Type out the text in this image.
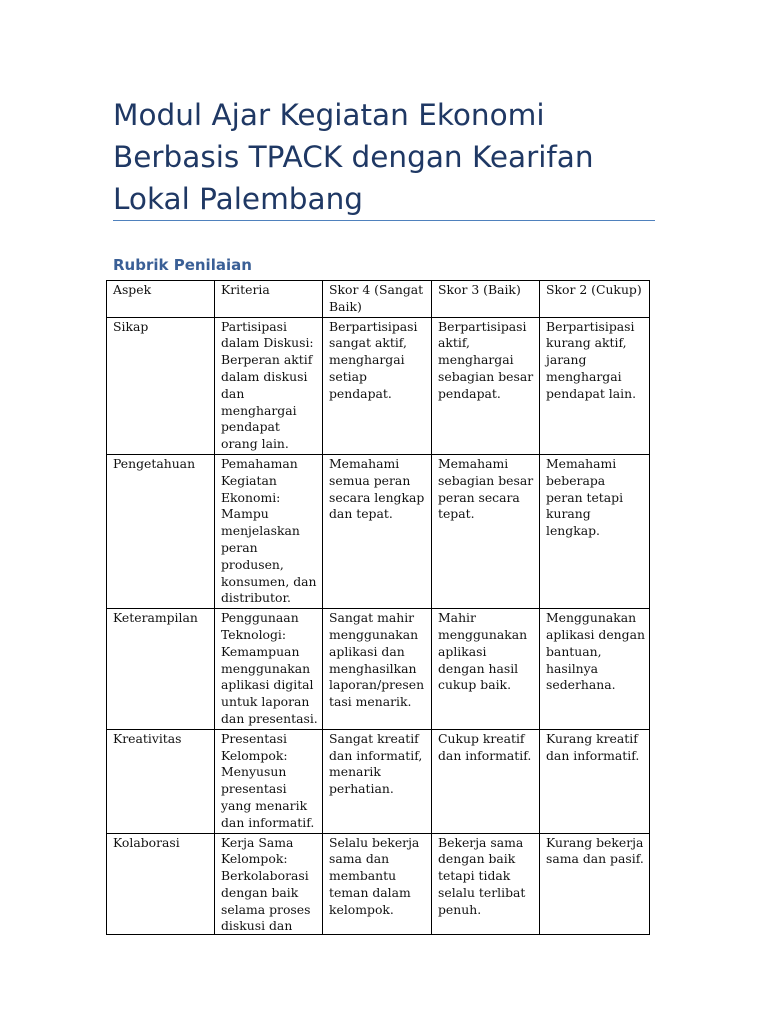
Modul Ajar Kegiatan Ekonomi Berbasis TPACK dengan Kearifan Lokal Palembang
Rubrik Penilaian
Aspek	Kriteria	Skor 4 (Sangat Baik)	Skor 3 (Baik)	Skor 2 (Cukup)
Sikap	Partisipasi dalam Diskusi: Berperan aktif dalam diskusi dan menghargai pendapat orang lain.	Berpartisipasi sangat aktif, menghargai setiap pendapat.	Berpartisipasi aktif, menghargai sebagian besar pendapat.	Berpartisipasi kurang aktif, jarang menghargai pendapat lain.
Pengetahuan	Pemahaman Kegiatan Ekonomi: Mampu menjelaskan peran produsen, konsumen, dan distributor.	Memahami semua peran secara lengkap dan tepat.	Memahami sebagian besar peran secara tepat.	Memahami beberapa peran tetapi kurang lengkap.
Keterampilan	Penggunaan Teknologi: Kemampuan menggunakan aplikasi digital untuk laporan dan presentasi.	Sangat mahir menggunakan aplikasi dan menghasilkan laporan/presentasi menarik.	Mahir menggunakan aplikasi dengan hasil cukup baik.	Menggunakan aplikasi dengan bantuan, hasilnya sederhana.
Kreativitas	Presentasi Kelompok: Menyusun presentasi yang menarik dan informatif.	Sangat kreatif dan informatif, menarik perhatian.	Cukup kreatif dan informatif.	Kurang kreatif dan informatif.

Kolaborasi	Kerja Sama Kelompok: Berkolaborasi dengan baik selama proses diskusi dan	Selalu bekerja sama dan membantu teman dalam kelompok.	Bekerja sama dengan baik tetapi tidak selalu terlibat penuh.	Kurang bekerja sama dan pasif.
